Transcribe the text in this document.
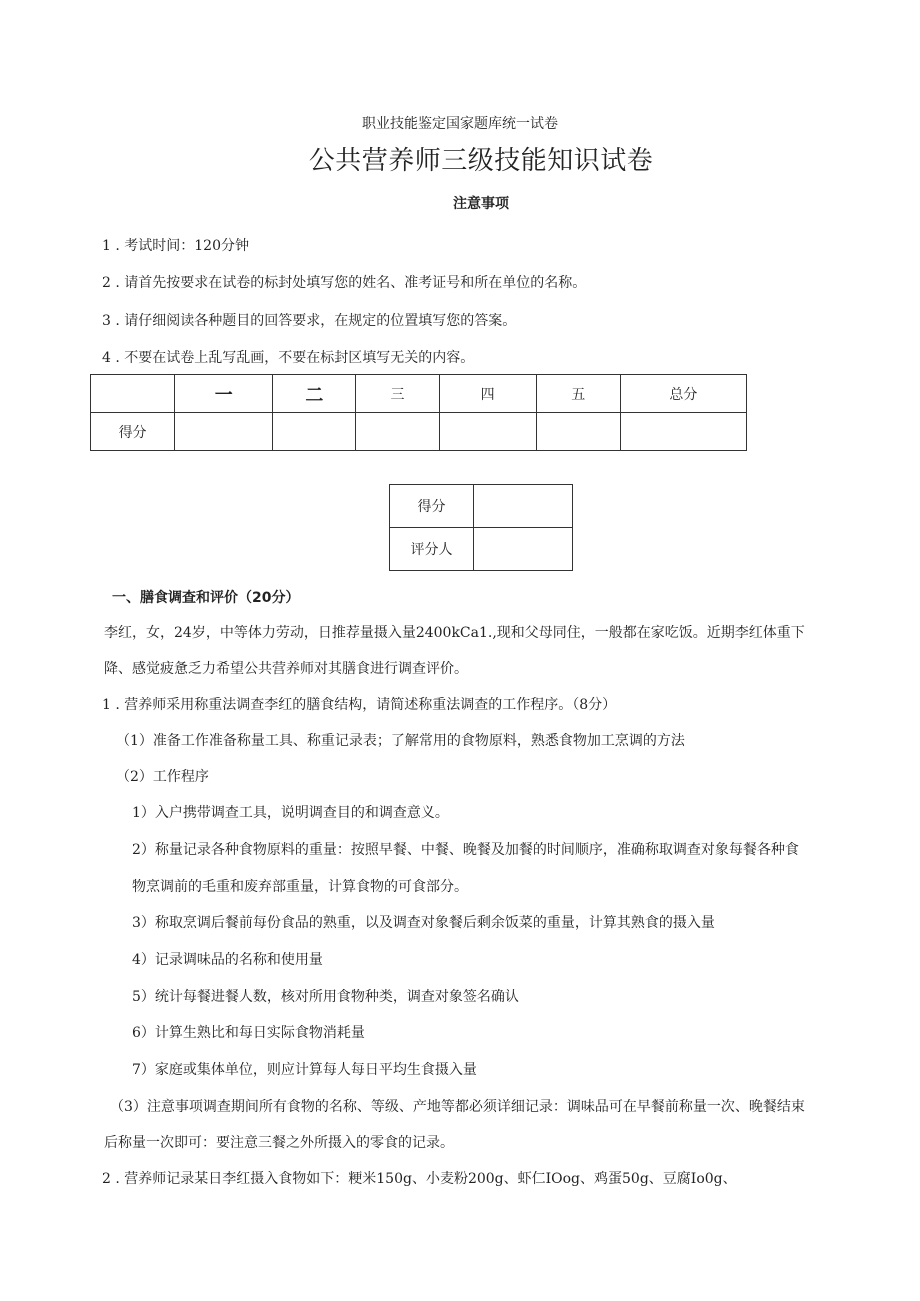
职业技能鉴定国家题库统一试卷
公共营养师三级技能知识试卷
注意事项
1 . 考试时间：120分钟
2 . 请首先按要求在试卷的标封处填写您的姓名、准考证号和所在单位的名称。
3 . 请仔细阅读各种题目的回答要求，在规定的位置填写您的答案。
4 . 不要在试卷上乱写乱画，不要在标封区填写无关的内容。
	一	二	三	四	五	总分
得分						
得分	
评分人	
一、膳食调查和评价（20分）
李红，女，24岁，中等体力劳动，日推荐量摄入量2400kCa1.,现和父母同住，一般都在家吃饭。近期李红体重下
降、感觉疲惫乏力希望公共营养师对其膳食进行调查评价。
1 . 营养师采用称重法调查李红的膳食结构，请简述称重法调查的工作程序。（8分）
（1）准备工作准备称量工具、称重记录表；了解常用的食物原料，熟悉食物加工烹调的方法
（2）工作程序
1）入户携带调查工具，说明调查目的和调查意义。
2）称量记录各种食物原料的重量：按照早餐、中餐、晚餐及加餐的时间顺序，准确称取调查对象每餐各种食
物烹调前的毛重和废弃部重量，计算食物的可食部分。
3）称取烹调后餐前每份食品的熟重，以及调查对象餐后剩余饭菜的重量，计算其熟食的摄入量
4）记录调味品的名称和使用量
5）统计每餐进餐人数，核对所用食物种类，调查对象签名确认
6）计算生熟比和每日实际食物消耗量
7）家庭或集体单位，则应计算每人每日平均生食摄入量
（3）注意事项调查期间所有食物的名称、等级、产地等都必须详细记录：调味品可在早餐前称量一次、晚餐结束
后称量一次即可：要注意三餐之外所摄入的零食的记录。
2 . 营养师记录某日李红摄入食物如下：粳米150g、小麦粉200g、虾仁IOog、鸡蛋50g、豆腐Io0g、
